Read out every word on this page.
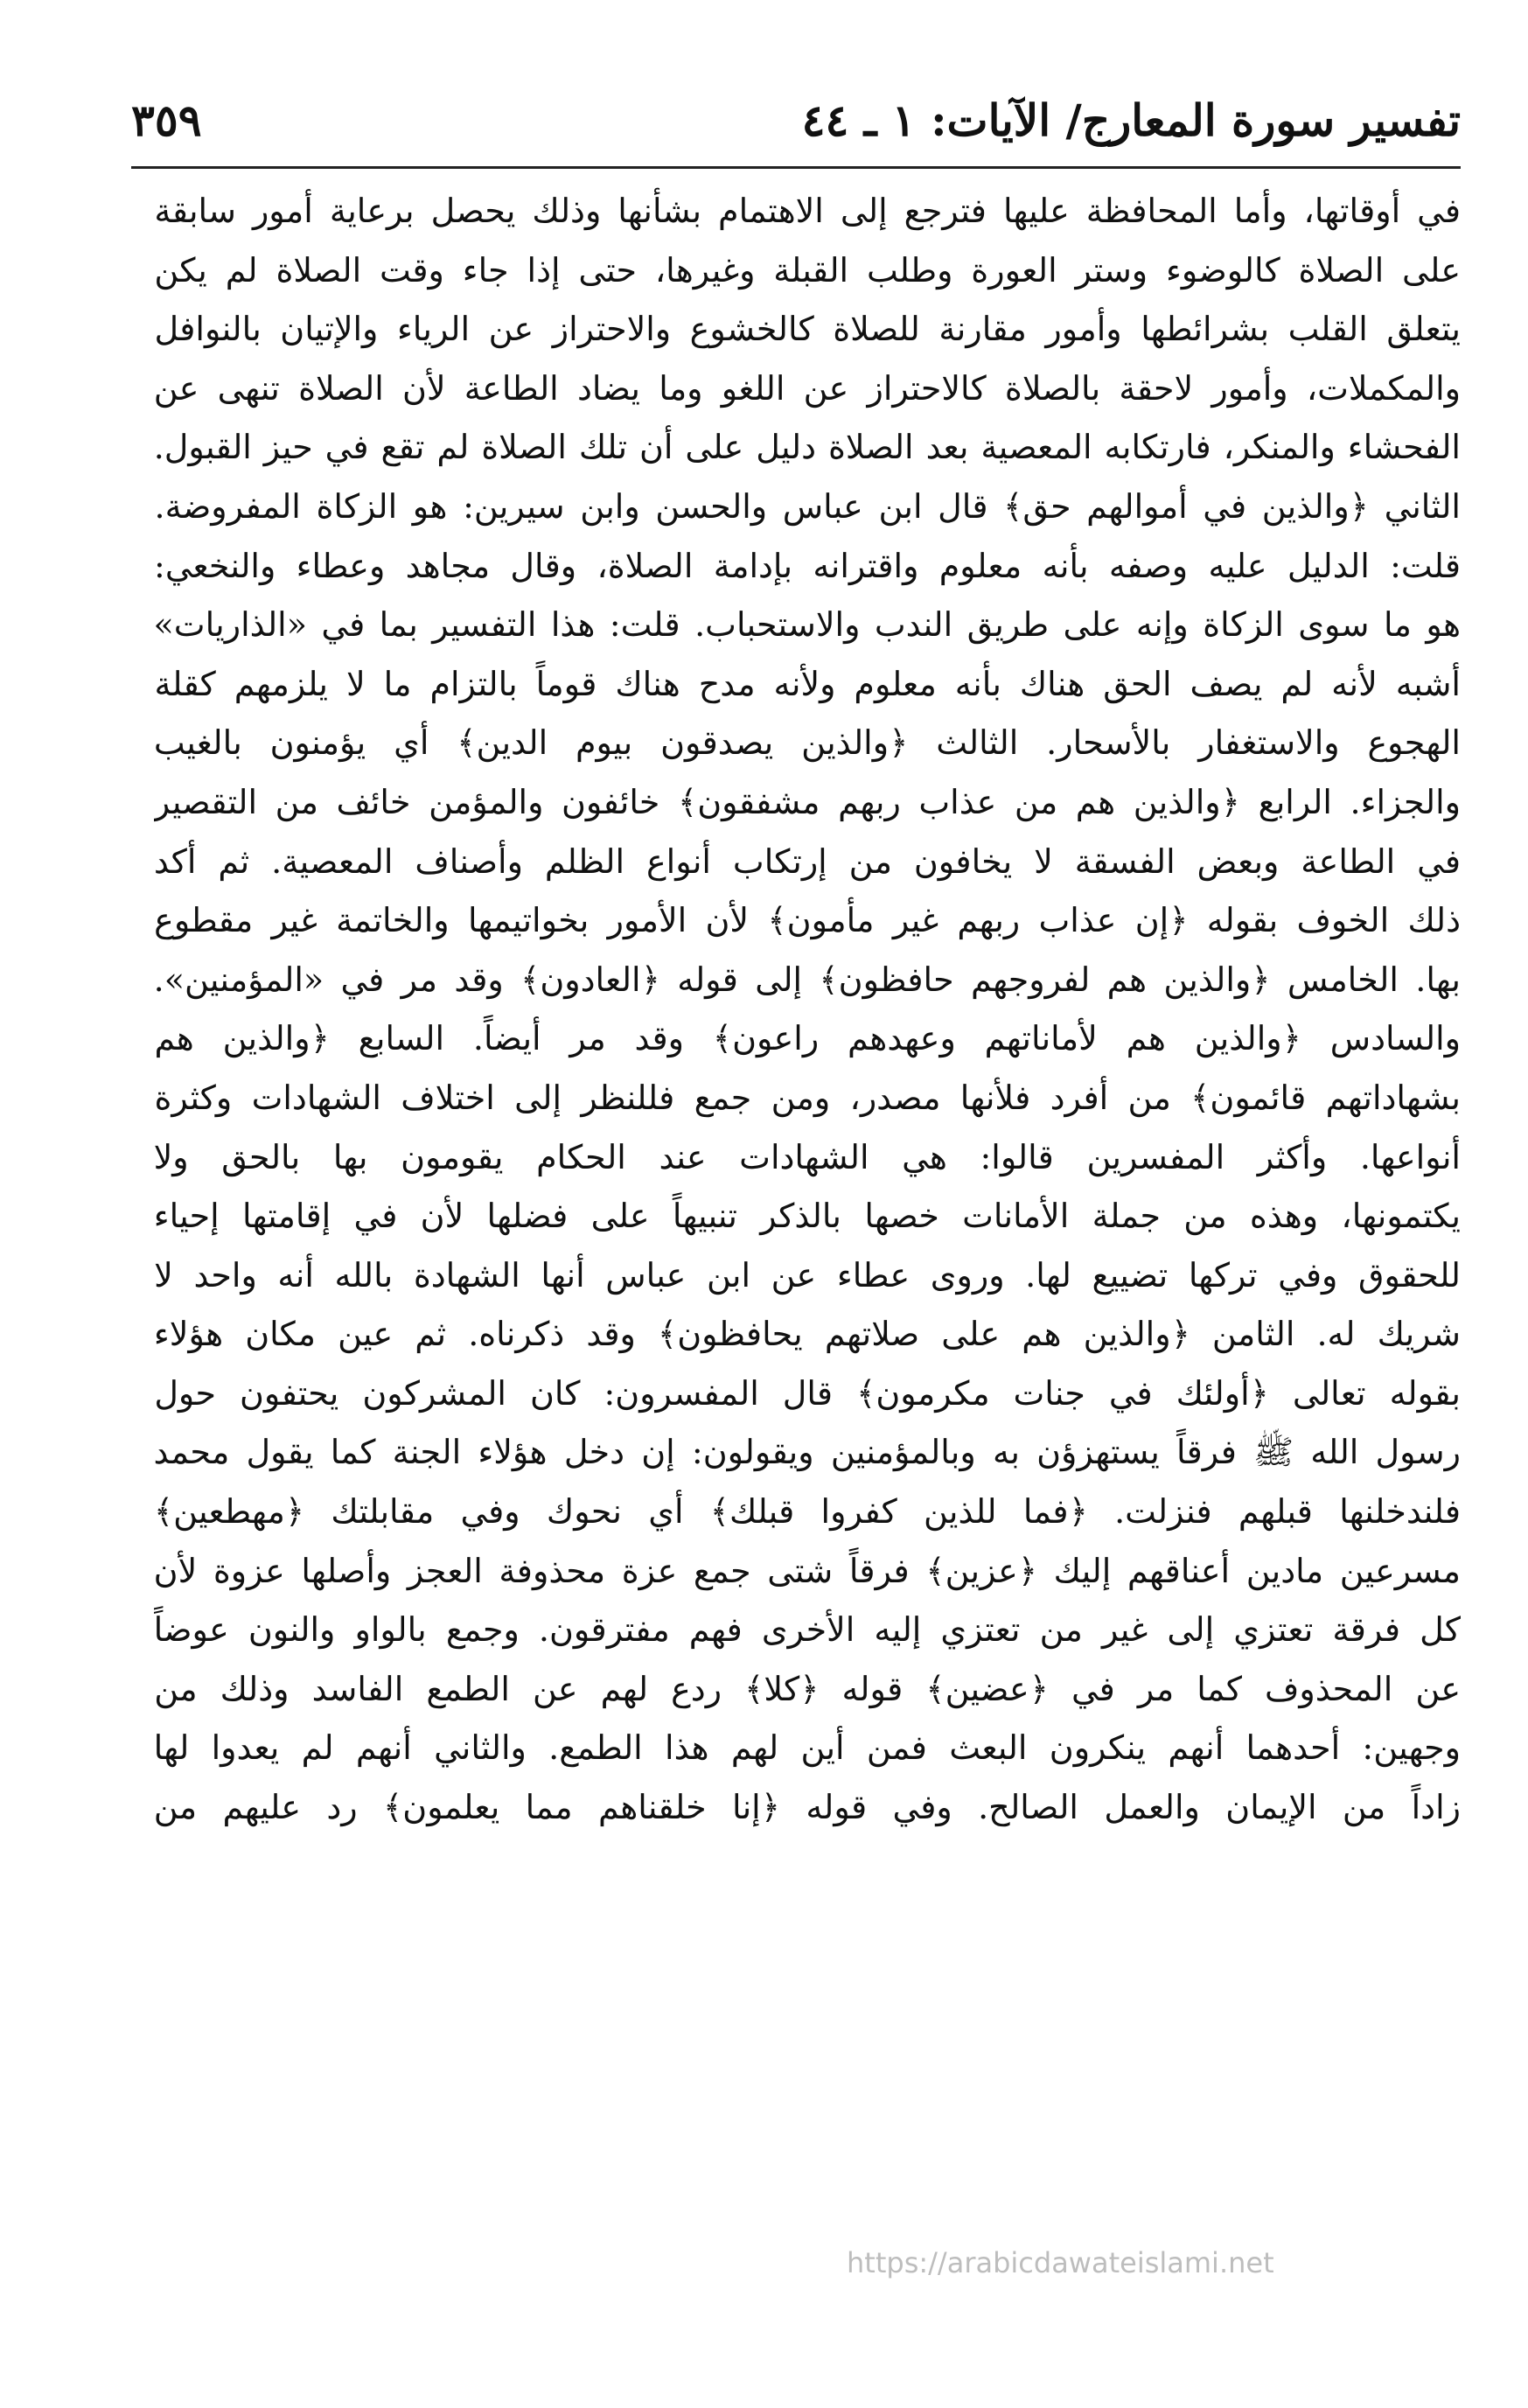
تفسير سورة المعارج/ الآيات: ١ ـ ٤٤
٣٥٩
في أوقاتها، وأما المحافظة عليها فترجع إلى الاهتمام بشأنها وذلك يحصل برعاية أمور سابقة
على الصلاة كالوضوء وستر العورة وطلب القبلة وغيرها، حتى إذا جاء وقت الصلاة لم يكن
يتعلق القلب بشرائطها وأمور مقارنة للصلاة كالخشوع والاحتراز عن الرياء والإتيان بالنوافل
والمكملات، وأمور لاحقة بالصلاة كالاحتراز عن اللغو وما يضاد الطاعة لأن الصلاة تنهى عن
الفحشاء والمنكر، فارتكابه المعصية بعد الصلاة دليل على أن تلك الصلاة لم تقع في حيز القبول.
الثاني ﴿والذين في أموالهم حق﴾ قال ابن عباس والحسن وابن سيرين: هو الزكاة المفروضة.
قلت: الدليل عليه وصفه بأنه معلوم واقترانه بإدامة الصلاة، وقال مجاهد وعطاء والنخعي:
هو ما سوى الزكاة وإنه على طريق الندب والاستحباب. قلت: هذا التفسير بما في «الذاريات»
أشبه لأنه لم يصف الحق هناك بأنه معلوم ولأنه مدح هناك قوماً بالتزام ما لا يلزمهم كقلة
الهجوع والاستغفار بالأسحار. الثالث ﴿والذين يصدقون بيوم الدين﴾ أي يؤمنون بالغيب
والجزاء. الرابع ﴿والذين هم من عذاب ربهم مشفقون﴾ خائفون والمؤمن خائف من التقصير
في الطاعة وبعض الفسقة لا يخافون من إرتكاب أنواع الظلم وأصناف المعصية. ثم أكد
ذلك الخوف بقوله ﴿إن عذاب ربهم غير مأمون﴾ لأن الأمور بخواتيمها والخاتمة غير مقطوع
بها. الخامس ﴿والذين هم لفروجهم حافظون﴾ إلى قوله ﴿العادون﴾ وقد مر في «المؤمنين».
والسادس ﴿والذين هم لأماناتهم وعهدهم راعون﴾ وقد مر أيضاً. السابع ﴿والذين هم
بشهاداتهم قائمون﴾ من أفرد فلأنها مصدر، ومن جمع فللنظر إلى اختلاف الشهادات وكثرة
أنواعها. وأكثر المفسرين قالوا: هي الشهادات عند الحكام يقومون بها بالحق ولا
يكتمونها، وهذه من جملة الأمانات خصها بالذكر تنبيهاً على فضلها لأن في إقامتها إحياء
للحقوق وفي تركها تضييع لها. وروى عطاء عن ابن عباس أنها الشهادة بالله أنه واحد لا
شريك له. الثامن ﴿والذين هم على صلاتهم يحافظون﴾ وقد ذكرناه. ثم عين مكان هؤلاء
بقوله تعالى ﴿أولئك في جنات مكرمون﴾ قال المفسرون: كان المشركون يحتفون حول
رسول الله ﷺ فرقاً يستهزؤن به وبالمؤمنين ويقولون: إن دخل هؤلاء الجنة كما يقول محمد
فلندخلنها قبلهم فنزلت. ﴿فما للذين كفروا قبلك﴾ أي نحوك وفي مقابلتك ﴿مهطعين﴾
مسرعين مادين أعناقهم إليك ﴿عزين﴾ فرقاً شتى جمع عزة محذوفة العجز وأصلها عزوة لأن
كل فرقة تعتزي إلى غير من تعتزي إليه الأخرى فهم مفترقون. وجمع بالواو والنون عوضاً
عن المحذوف كما مر في ﴿عضين﴾ قوله ﴿كلا﴾ ردع لهم عن الطمع الفاسد وذلك من
وجهين: أحدهما أنهم ينكرون البعث فمن أين لهم هذا الطمع. والثاني أنهم لم يعدوا لها
زاداً من الإيمان والعمل الصالح. وفي قوله ﴿إنا خلقناهم مما يعلمون﴾ رد عليهم من
https://arabicdawateislami.net
